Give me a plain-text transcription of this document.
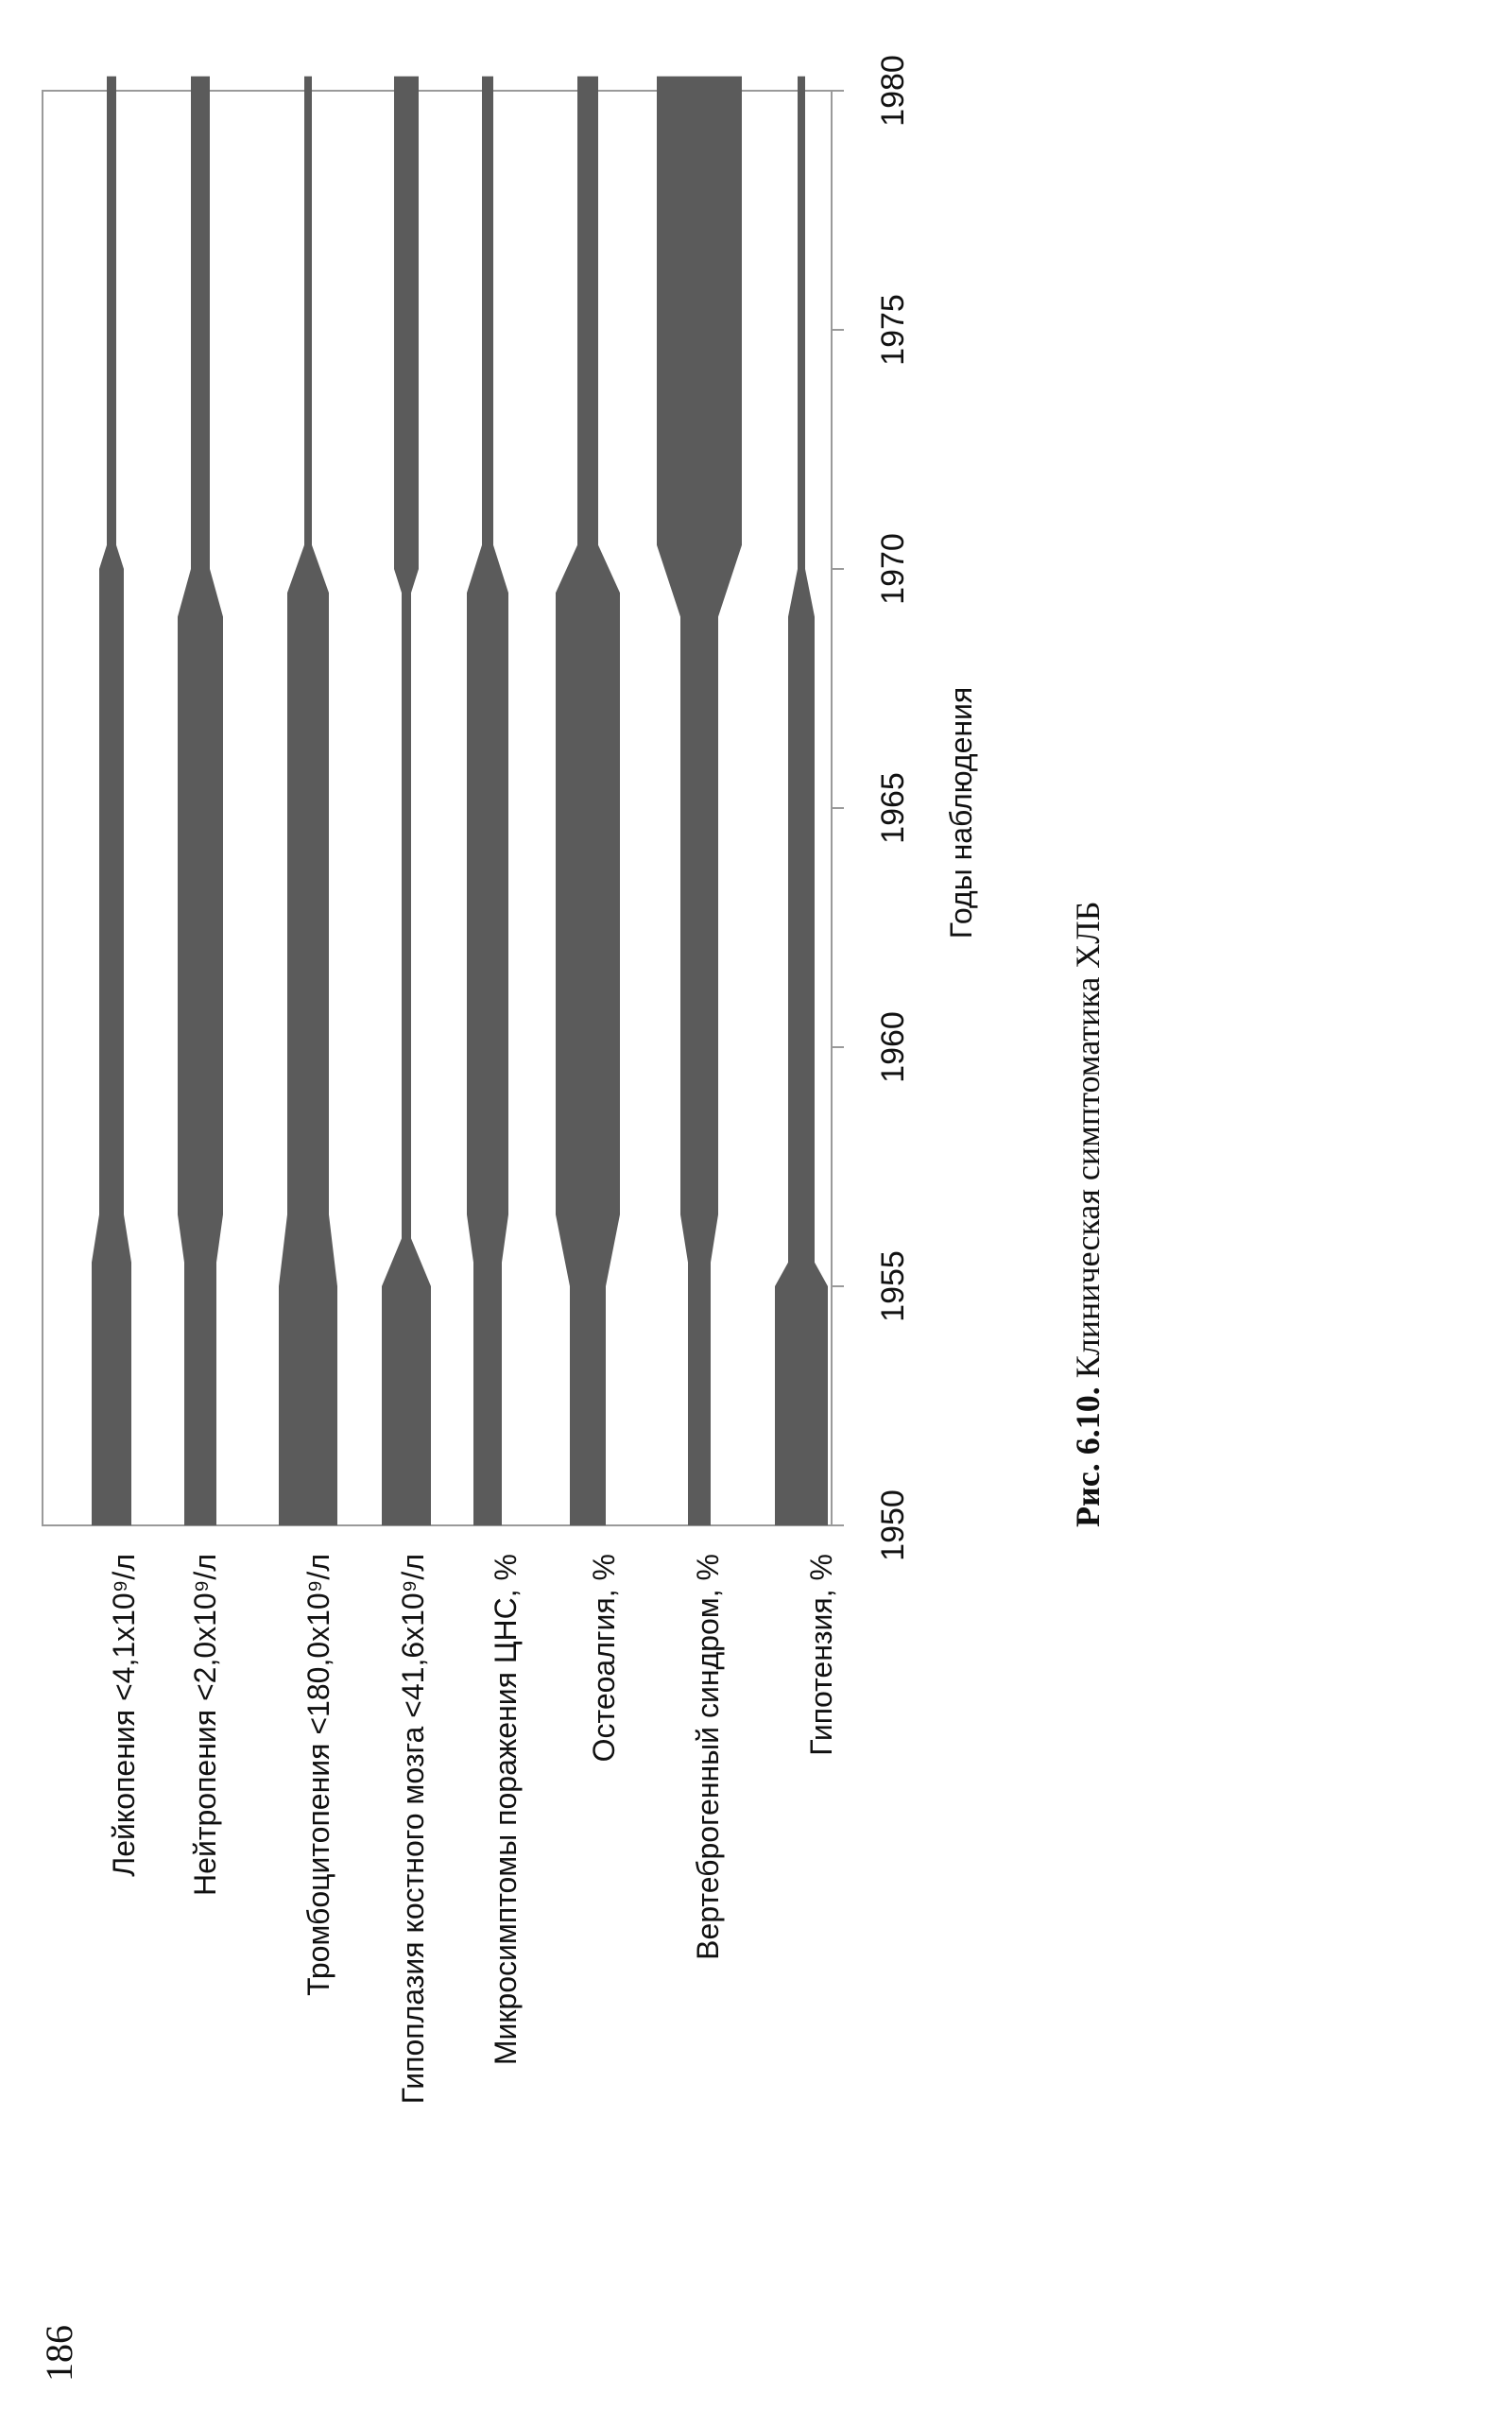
1950
1955
1960
1965
1970
1975
1980
Лейкопения <4,1х10⁹/л Нейтропения <2,0х10⁹/л	Тромбоцитопения <180,0х10⁹/л Гипоплазия костного мозга <41,6х10⁹/л Микросимптомы поражения ЦНС, % Остеоалгия, % Вертеброгенный синдром, %	Гипотензия, %
Годы наблюдения
Рис. 6.10. Клиническая симптоматика ХЛБ
186
